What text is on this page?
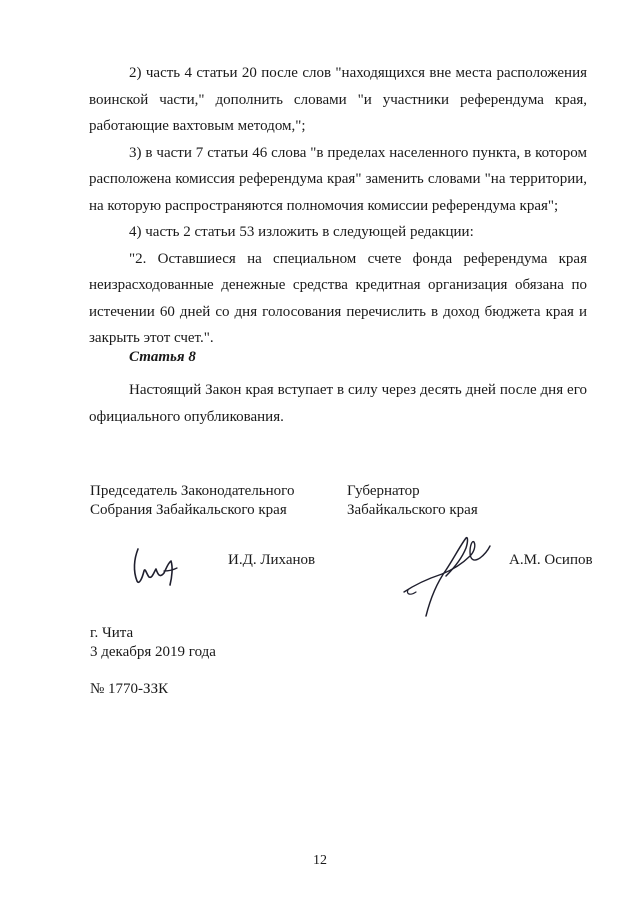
2) часть 4 статьи 20 после слов "находящихся вне места расположения воинской части," дополнить словами "и участники референдума края, работающие вахтовым методом,";

3) в части 7 статьи 46 слова "в пределах населенного пункта, в котором расположена комиссия референдума края" заменить словами "на территории, на которую распространяются полномочия комиссии референдума края";

4) часть 2 статьи 53 изложить в следующей редакции:

"2. Оставшиеся на специальном счете фонда референдума края неизрасходованные денежные средства кредитная организация обязана по истечении 60 дней со дня голосования перечислить в доход бюджета края и закрыть этот счет.".

Статья 8

Настоящий Закон края вступает в силу через десять дней после дня его официального опубликования.

Председатель Законодательного
Собрания Забайкальского края
Губернатор
Забайкальского края
И.Д. Лиханов	А.М. Осипов
г. Чита
3 декабря 2019 года
№ 1770-ЗЗК
12
